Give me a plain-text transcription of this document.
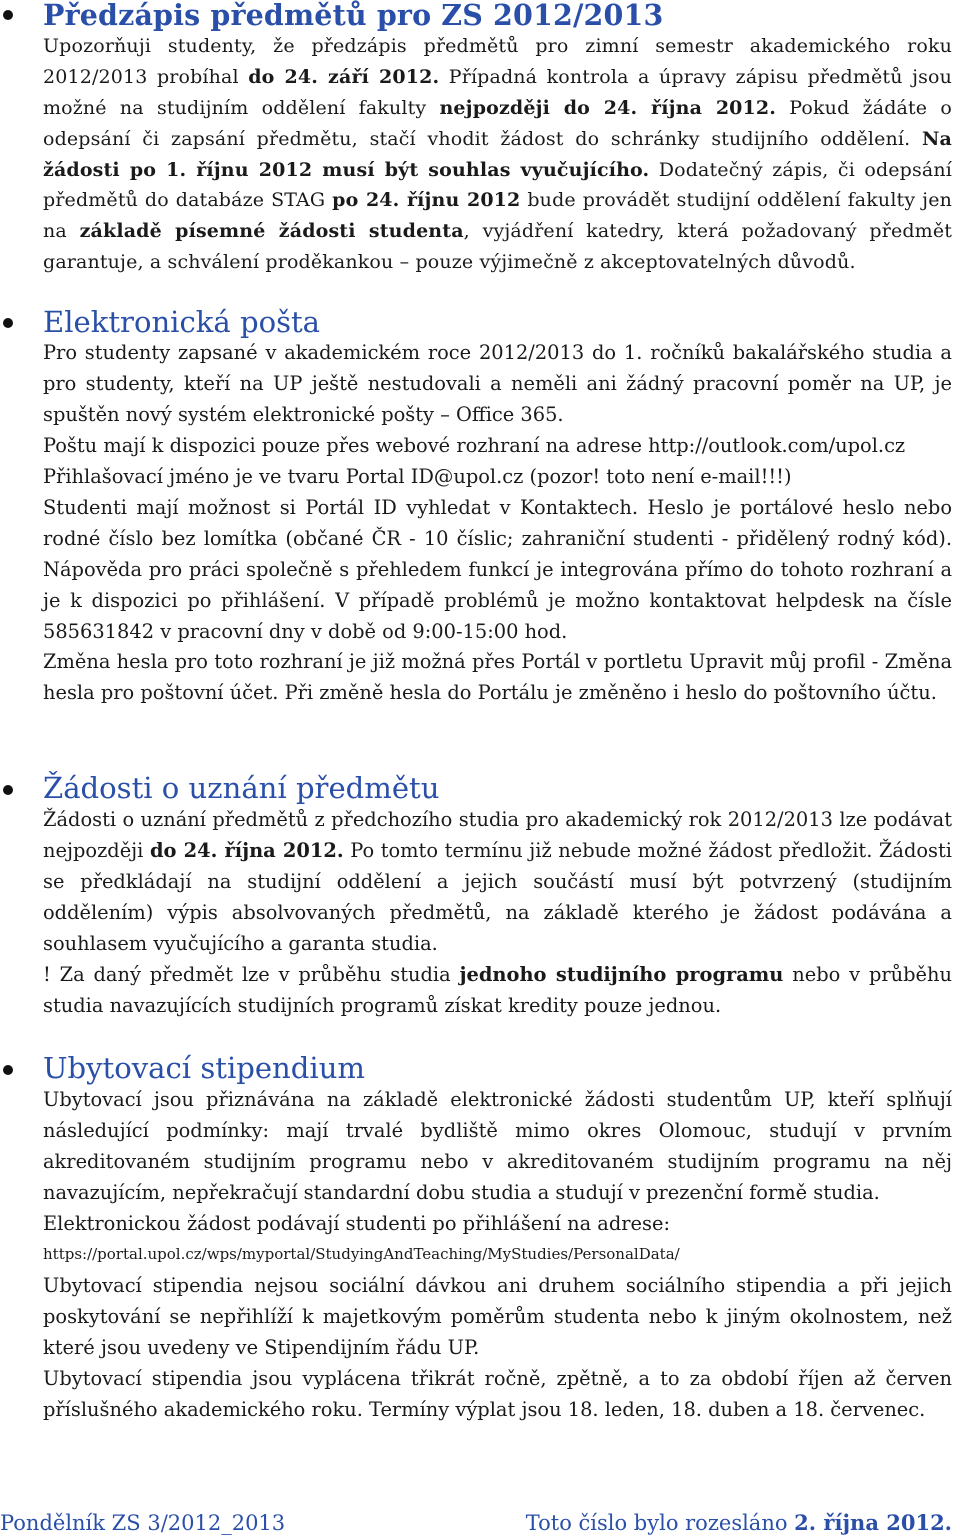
Předzápis předmětů pro ZS 2012/2013

Upozorňuji studenty, že předzápis předmětů pro zimní semestr akademického roku 2012/2013 probíhal do 24. září 2012. Případná kontrola a úpravy zápisu předmětů jsou možné na studijním oddělení fakulty nejpozději do 24. října 2012. Pokud žádáte o odepsání či zapsání předmětu, stačí vhodit žádost do schránky studijního oddělení. Na žádosti po 1. říjnu 2012 musí být souhlas vyučujícího. Dodatečný zápis, či odepsání předmětů do databáze STAG po 24. říjnu 2012 bude provádět studijní oddělení fakulty jen na základě písemné žádosti studenta, vyjádření katedry, která požadovaný předmět garantuje, a schválení proděkankou – pouze výjimečně z akceptovatelných důvodů.

Elektronická pošta

Pro studenty zapsané v akademickém roce 2012/2013 do 1. ročníků bakalářského studia a pro studenty, kteří na UP ještě nestudovali a neměli ani žádný pracovní poměr na UP, je spuštěn nový systém elektronické pošty – Office 365.

Poštu mají k dispozici pouze přes webové rozhraní na adrese http://outlook.com/upol.cz

Přihlašovací jméno je ve tvaru Portal ID@upol.cz (pozor! toto není e-mail!!!)

Studenti mají možnost si Portál ID vyhledat v Kontaktech. Heslo je portálové heslo nebo rodné číslo bez lomítka (občané ČR - 10 číslic; zahraniční studenti - přidělený rodný kód). Nápověda pro práci společně s přehledem funkcí je integrována přímo do tohoto rozhraní a je k dispozici po přihlášení. V případě problémů je možno kontaktovat helpdesk na čísle 585631842 v pracovní dny v době od 9:00-15:00 hod.

Změna hesla pro toto rozhraní je již možná přes Portál v portletu Upravit můj profil - Změna hesla pro poštovní účet. Při změně hesla do Portálu je změněno i heslo do poštovního účtu.

Žádosti o uznání předmětu

Žádosti o uznání předmětů z předchozího studia pro akademický rok 2012/2013 lze podávat nejpozději do 24. října 2012. Po tomto termínu již nebude možné žádost předložit. Žádosti se předkládají na studijní oddělení a jejich součástí musí být potvrzený (studijním oddělením) výpis absolvovaných předmětů, na základě kterého je žádost podávána a souhlasem vyučujícího a garanta studia.

! Za daný předmět lze v průběhu studia jednoho studijního programu nebo v průběhu studia navazujících studijních programů získat kredity pouze jednou.

Ubytovací stipendium

Ubytovací jsou přiznávána na základě elektronické žádosti studentům UP, kteří splňují následující podmínky: mají trvalé bydliště mimo okres Olomouc, studují v prvním akreditovaném studijním programu nebo v akreditovaném studijním programu na něj navazujícím, nepřekračují standardní dobu studia a studují v prezenční formě studia.

Elektronickou žádost podávají studenti po přihlášení na adrese:

https://portal.upol.cz/wps/myportal/StudyingAndTeaching/MyStudies/PersonalData/

Ubytovací stipendia nejsou sociální dávkou ani druhem sociálního stipendia a při jejich poskytování se nepřihlíží k majetkovým poměrům studenta nebo k jiným okolnostem, než které jsou uvedeny ve Stipendijním řádu UP.

Ubytovací stipendia jsou vyplácena třikrát ročně, zpětně, a to za období říjen až červen příslušného akademického roku. Termíny výplat jsou 18. leden, 18. duben a 18. červenec.

Pondělník ZS 3/2012_2013	Toto číslo bylo rozesláno 2. října 2012.
